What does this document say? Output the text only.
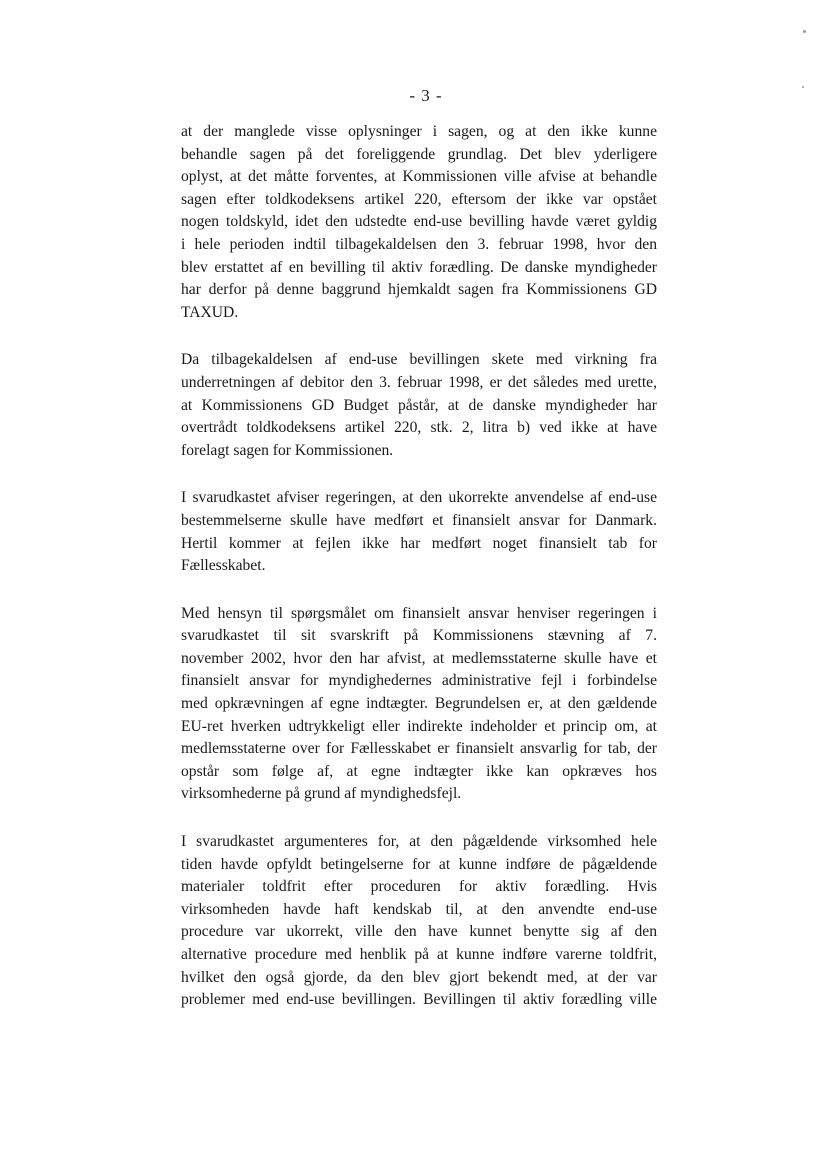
- 3 -

at der manglede visse oplysninger i sagen, og at den ikke kunne
behandle sagen på det foreliggende grundlag. Det blev yderligere
oplyst, at det måtte forventes, at Kommissionen ville afvise at behandle
sagen efter toldkodeksens artikel 220, eftersom der ikke var opstået
nogen toldskyld, idet den udstedte end-use bevilling havde været gyldig
i hele perioden indtil tilbagekaldelsen den 3. februar 1998, hvor den
blev erstattet af en bevilling til aktiv forædling. De danske myndigheder
har derfor på denne baggrund hjemkaldt sagen fra Kommissionens GD
TAXUD.

Da tilbagekaldelsen af end-use bevillingen skete med virkning fra
underretningen af debitor den 3. februar 1998, er det således med urette,
at Kommissionens GD Budget påstår, at de danske myndigheder har
overtrådt toldkodeksens artikel 220, stk. 2, litra b) ved ikke at have
forelagt sagen for Kommissionen.

I svarudkastet afviser regeringen, at den ukorrekte anvendelse af end-use
bestemmelserne skulle have medført et finansielt ansvar for Danmark.
Hertil kommer at fejlen ikke har medført noget finansielt tab for
Fællesskabet.

Med hensyn til spørgsmålet om finansielt ansvar henviser regeringen i
svarudkastet til sit svarskrift på Kommissionens stævning af 7.
november 2002, hvor den har afvist, at medlemsstaterne skulle have et
finansielt ansvar for myndighedernes administrative fejl i forbindelse
med opkrævningen af egne indtægter. Begrundelsen er, at den gældende
EU-ret hverken udtrykkeligt eller indirekte indeholder et princip om, at
medlemsstaterne over for Fællesskabet er finansielt ansvarlig for tab, der
opstår som følge af, at egne indtægter ikke kan opkræves hos
virksomhederne på grund af myndighedsfejl.

I svarudkastet argumenteres for, at den pågældende virksomhed hele
tiden havde opfyldt betingelserne for at kunne indføre de pågældende
materialer toldfrit efter proceduren for aktiv forædling. Hvis
virksomheden havde haft kendskab til, at den anvendte end-use
procedure var ukorrekt, ville den have kunnet benytte sig af den
alternative procedure med henblik på at kunne indføre varerne toldfrit,
hvilket den også gjorde, da den blev gjort bekendt med, at der var
problemer med end-use bevillingen. Bevillingen til aktiv forædling ville
